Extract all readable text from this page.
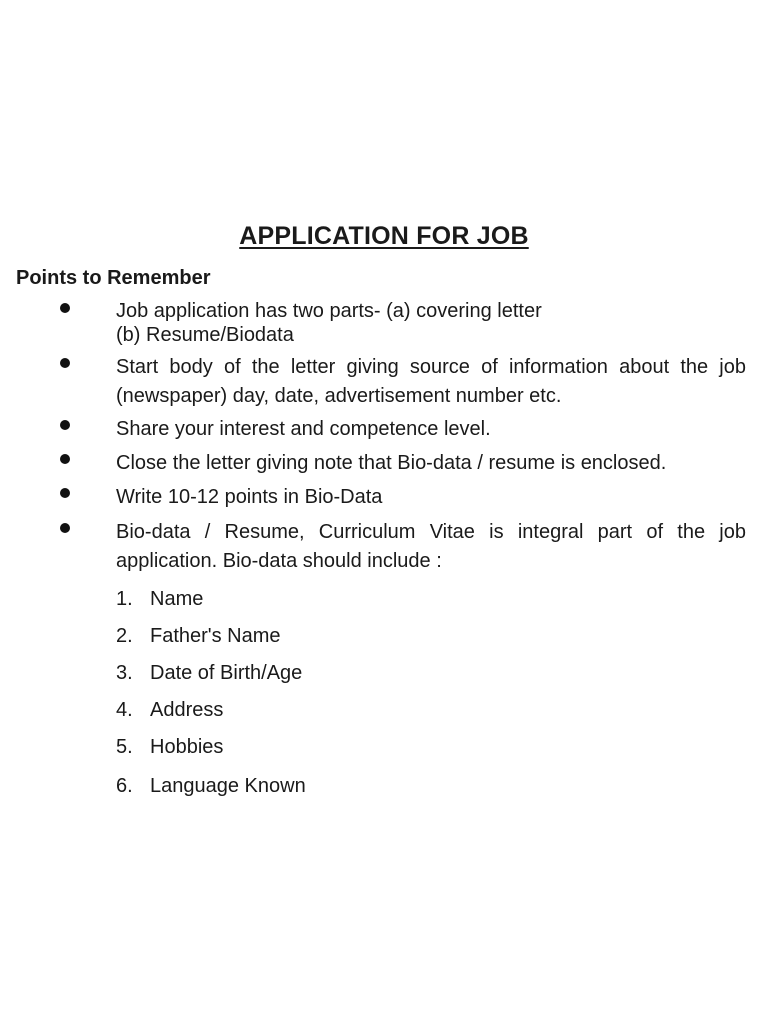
APPLICATION FOR JOB
Points to Remember
Job application has two parts- (a) covering letter
(b) Resume/Biodata
Start body of the letter giving source of information about the job (newspaper) day, date, advertisement number etc.
Share your interest and competence level.
Close the letter giving note that Bio-data / resume is enclosed.
Write 10-12 points in Bio-Data
Bio-data / Resume, Curriculum Vitae is integral part of the job application. Bio-data should include :
1. Name
2. Father's Name
3. Date of Birth/Age
4. Address
5. Hobbies
6. Language Known
